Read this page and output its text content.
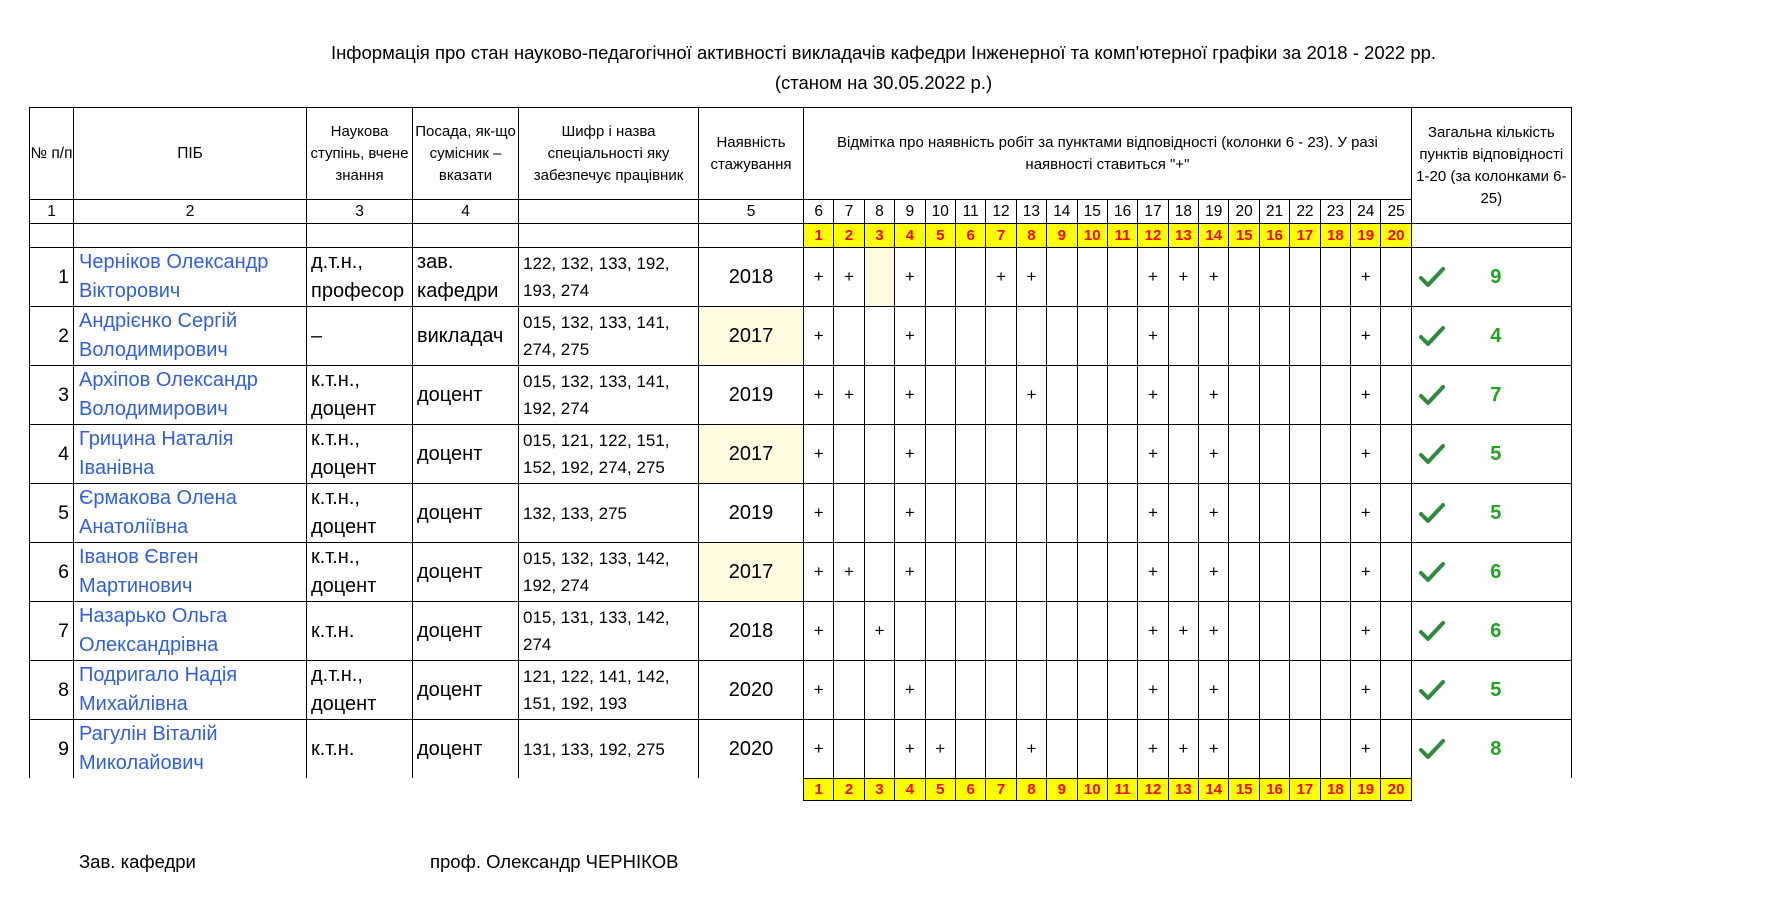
Інформація про стан науково-педагогічної активності викладачів кафедри Інженерної та комп'ютерної графіки за 2018 - 2022 рр.
(станом на 30.05.2022 р.)
№ п/п	ПІБ	Наукова ступінь, вчене знання	Посада, як-що сумісник – вказати	Шифр і назва спеціальності яку забезпечує працівник	Наявність стажування	Відмітка про наявність робіт за пунктами відповідності (колонки 6 - 23). У разі наявності ставиться "+"																				Загальна кількість пунктів відповідності 1-20 (за колонками 6-25)
1	2	3	4		5	6	7	8	9	10	11	12	13	14	15	16	17	18	19	20	21	22	23	24	25	
						1	2	3	4	5	6	7	8	9	10	11	12	13	14	15	16	17	18	19	20	
1	Черніков Олександр Вікторович	д.т.н., професор	зав. кафедри	122, 132, 133, 192, 193, 274	2018	+	+		+			+	+				+	+	+					+		9

2	Андрієнко Сергій Володимирович	–	викладач	015, 132, 133, 141, 274, 275	2017	+			+								+							+		4

3	Архіпов Олександр Володимирович	к.т.н., доцент	доцент	015, 132, 133, 141, 192, 274	2019	+	+		+				+				+		+					+		7

4	Грицина Наталія Іванівна	к.т.н., доцент	доцент	015, 121, 122, 151, 152, 192, 274, 275	2017	+			+								+		+					+		5

5	Єрмакова Олена Анатоліївна	к.т.н., доцент	доцент	132, 133, 275	2019	+			+								+		+					+		5

6	Іванов Євген Мартинович	к.т.н., доцент	доцент	015, 132, 133, 142, 192, 274	2017	+	+		+								+		+					+		6

7	Назарько Ольга Олександрівна	к.т.н.	доцент	015, 131, 133, 142, 274	2018	+		+									+	+	+					+		6

8	Подригало Надія Михайлівна	д.т.н., доцент	доцент	121, 122, 141, 142, 151, 192, 193	2020	+			+								+		+					+		5

9	Рагулін Віталій Миколайович	к.т.н.	доцент	131, 133, 192, 275	2020	+			+	+			+				+	+	+					+		8

						1	2	3	4	5	6	7	8	9	10	11	12	13	14	15	16	17	18	19	20	
Зав. кафедри	проф. Олександр ЧЕРНІКОВ
